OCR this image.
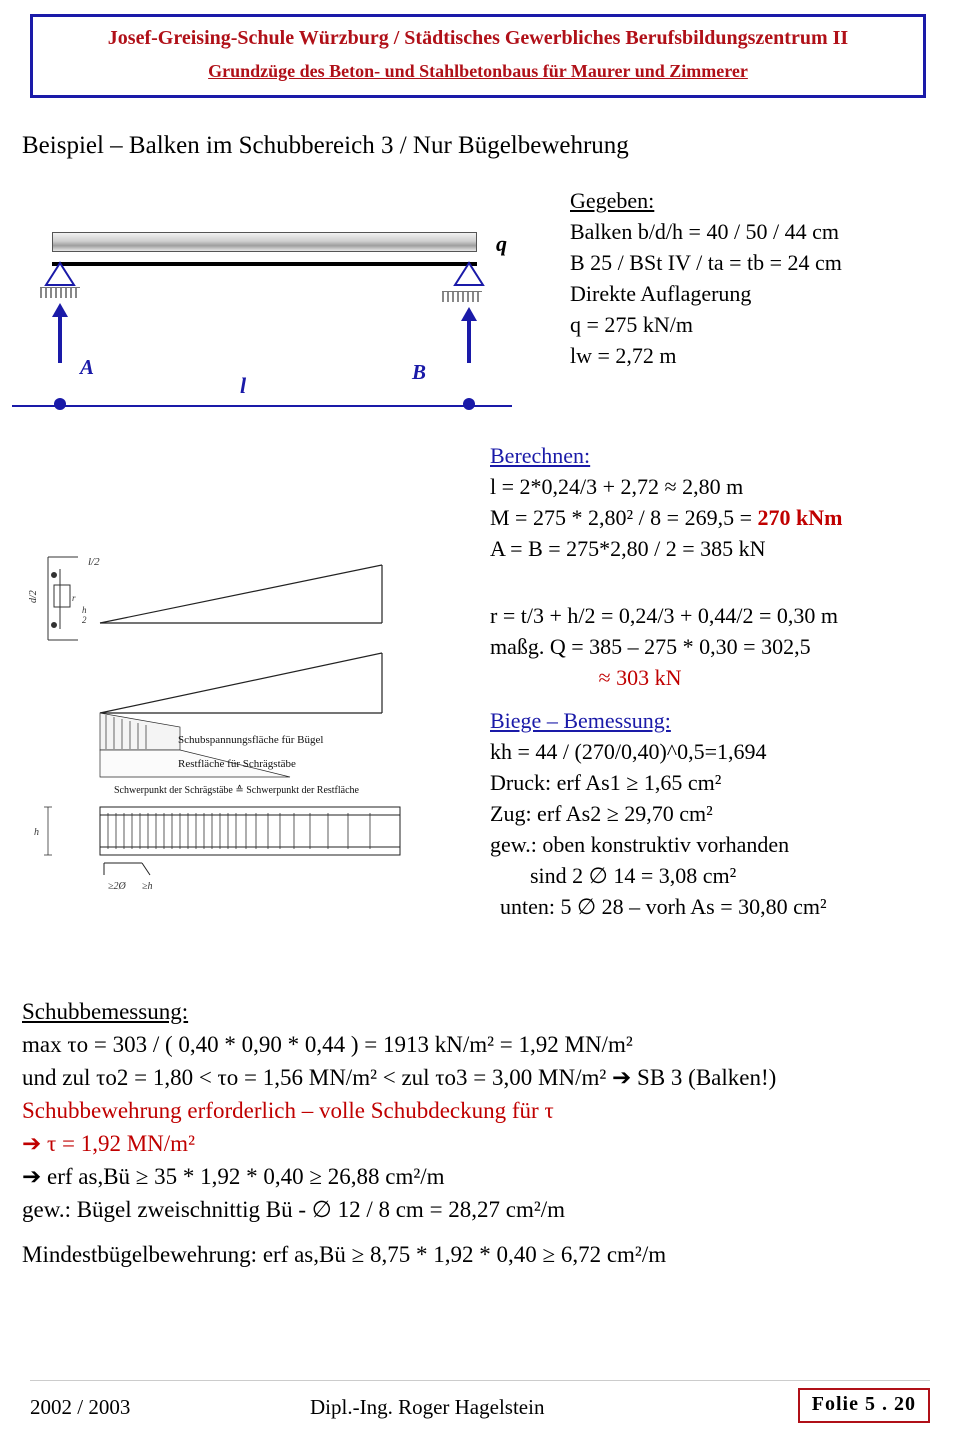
Josef-Greising-Schule Würzburg / Städtisches Gewerbliches Berufsbildungszentrum II
Grundzüge des Beton- und Stahlbetonbaus für Maurer und Zimmerer
Beispiel – Balken im Schubbereich 3 / Nur Bügelbewehrung
q
A	B
l
Gegeben:
Balken b/d/h = 40 / 50 / 44 cm
B 25 / BSt IV / ta = tb = 24 cm
Direkte Auflagerung
q = 275 kN/m
lw = 2,72 m
Berechnen:
l = 2*0,24/3 + 2,72 ≈ 2,80 m
M = 275 * 2,80² / 8 = 269,5 = 270 kNm
A = B = 275*2,80 / 2 = 385 kN
r = t/3 + h/2 = 0,24/3 + 0,44/2 = 0,30 m
maßg. Q = 385 – 275 * 0,30 = 302,5
≈ 303 kN
Biege – Bemessung:
kh = 44 / (270/0,40)^0,5=1,694
Druck: erf As1 ≥ 1,65 cm²
Zug: erf As2 ≥ 29,70 cm²
gew.: oben konstruktiv vorhanden
sind 2 ∅ 14 = 3,08 cm²
unten: 5 ∅ 28 – vorh As = 30,80 cm²
l/2
d/2	r
h
2
Schubspannungsfläche für Bügel
Restfläche für Schrägstäbe
Schwerpunkt der Schrägstäbe ≙ Schwerpunkt der Restfläche
≥2Ø ≥h
h
Schubbemessung:
max τo = 303 / ( 0,40 * 0,90 * 0,44 ) = 1913 kN/m² = 1,92 MN/m²
und zul τo2 = 1,80 < τo = 1,56 MN/m² < zul τo3 = 3,00 MN/m² ➔ SB 3 (Balken!)
Schubbewehrung erforderlich – volle Schubdeckung für τ
➔ τ = 1,92 MN/m²
➔ erf as,Bü ≥ 35 * 1,92 * 0,40 ≥ 26,88 cm²/m
gew.: Bügel zweischnittig Bü - ∅ 12 / 8 cm = 28,27 cm²/m
Mindestbügelbewehrung: erf as,Bü ≥ 8,75 * 1,92 * 0,40 ≥ 6,72 cm²/m
2002 / 2003	Dipl.-Ing. Roger Hagelstein	Folie 5 . 20
